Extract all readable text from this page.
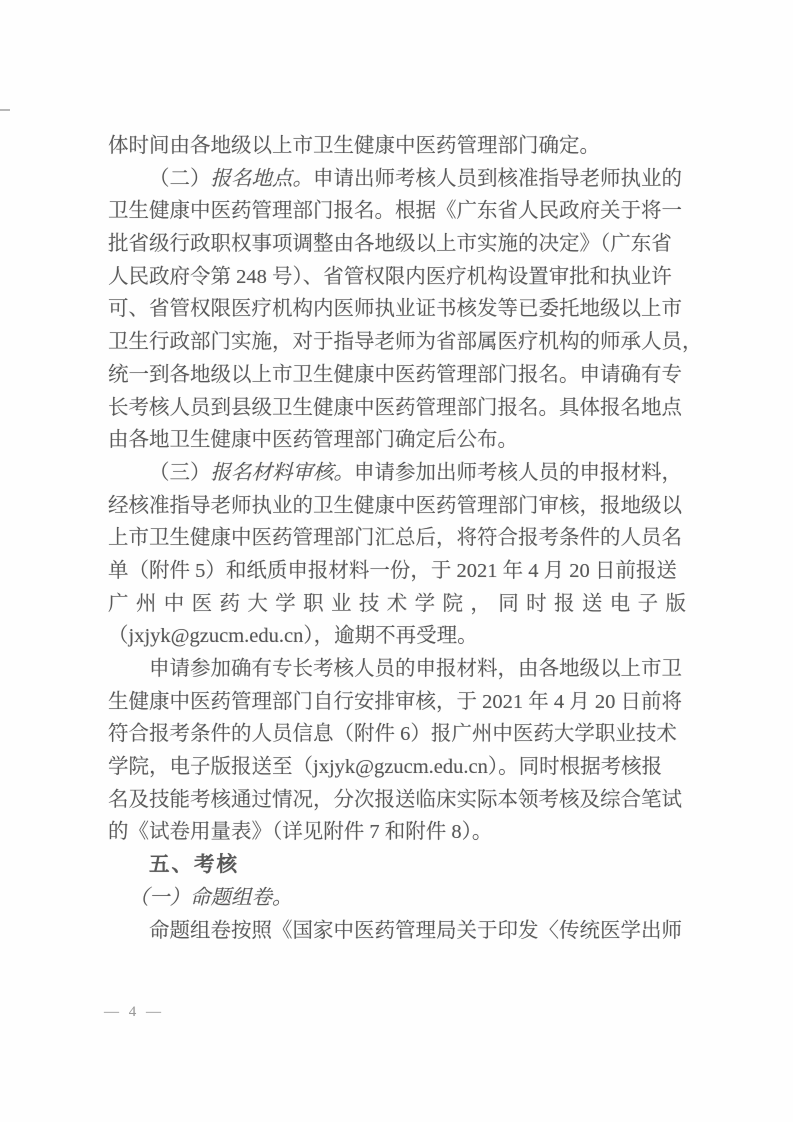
体时间由各地级以上市卫生健康中医药管理部门确定。
（二）报名地点。申请出师考核人员到核准指导老师执业的
卫生健康中医药管理部门报名。根据《广东省人民政府关于将一
批省级行政职权事项调整由各地级以上市实施的决定》（广东省
人民政府令第 248 号）、省管权限内医疗机构设置审批和执业许
可、省管权限医疗机构内医师执业证书核发等已委托地级以上市
卫生行政部门实施，对于指导老师为省部属医疗机构的师承人员，
统一到各地级以上市卫生健康中医药管理部门报名。申请确有专
长考核人员到县级卫生健康中医药管理部门报名。具体报名地点
由各地卫生健康中医药管理部门确定后公布。
（三）报名材料审核。申请参加出师考核人员的申报材料，
经核准指导老师执业的卫生健康中医药管理部门审核，报地级以
上市卫生健康中医药管理部门汇总后，将符合报考条件的人员名
单（附件 5）和纸质申报材料一份，于 2021 年 4 月 20 日前报送
广州中医药大学职业技术学院，同时报送电子版
（jxjyk@gzucm.edu.cn），逾期不再受理。
申请参加确有专长考核人员的申报材料，由各地级以上市卫
生健康中医药管理部门自行安排审核，于 2021 年 4 月 20 日前将
符合报考条件的人员信息（附件 6）报广州中医药大学职业技术
学院，电子版报送至（jxjyk@gzucm.edu.cn）。同时根据考核报
名及技能考核通过情况，分次报送临床实际本领考核及综合笔试
的《试卷用量表》（详见附件 7 和附件 8）。
五、考核
（一）命题组卷。
命题组卷按照《国家中医药管理局关于印发〈传统医学出师
— 4 —
